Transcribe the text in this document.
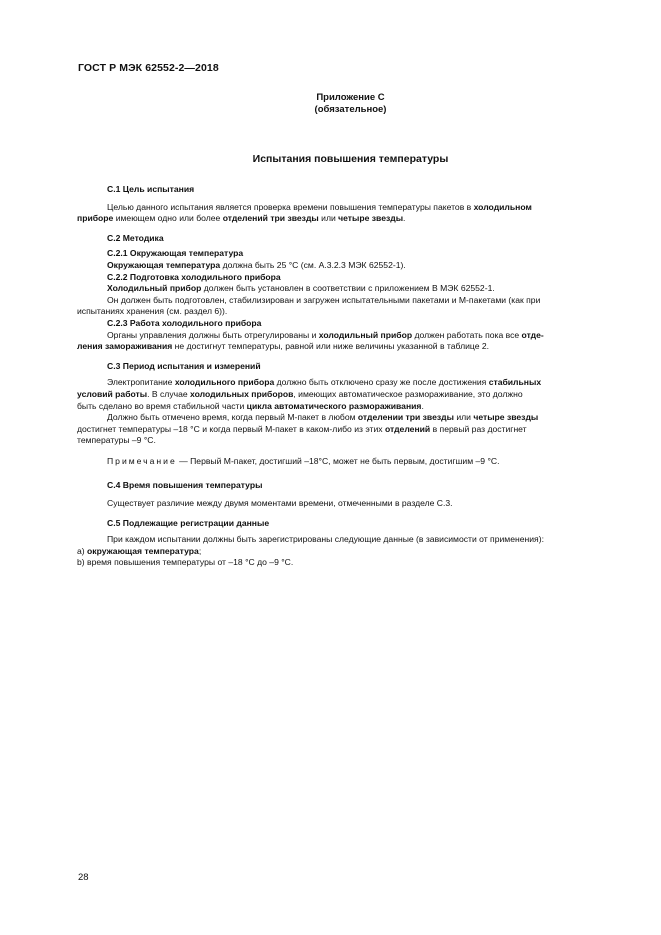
ГОСТ Р МЭК 62552-2—2018
Приложение С
(обязательное)
Испытания повышения температуры

С.1 Цель испытания

Целью данного испытания является проверка времени повышения температуры пакетов в холодильном
приборе имеющем одно или более отделений три звезды или четыре звезды.

С.2 Методика

С.2.1 Окружающая температура

Окружающая температура должна быть 25 °С (см. А.3.2.3 МЭК 62552-1).

С.2.2 Подготовка холодильного прибора

Холодильный прибор должен быть установлен в соответствии с приложением В МЭК 62552-1.

Он должен быть подготовлен, стабилизирован и загружен испытательными пакетами и М-пакетами (как при
испытаниях хранения (см. раздел 6)).

С.2.3 Работа холодильного прибора

Органы управления должны быть отрегулированы и холодильный прибор должен работать пока все отде-
ления замораживания не достигнут температуры, равной или ниже величины указанной в таблице 2.

С.3 Период испытания и измерений

Электропитание холодильного прибора должно быть отключено сразу же после достижения стабильных
условий работы. В случае холодильных приборов, имеющих автоматическое размораживание, это должно
быть сделано во время стабильной части цикла автоматического размораживания.

Должно быть отмечено время, когда первый М-пакет в любом отделении три звезды или четыре звезды
достигнет температуры –18 °С и когда первый М-пакет в каком-либо из этих отделений в первый раз достигнет
температуры –9 °С.

Примечание — Первый М-пакет, достигший –18°С, может не быть первым, достигшим –9 °С.

С.4 Время повышения температуры

Существует различие между двумя моментами времени, отмеченными в разделе С.3.

С.5 Подлежащие регистрации данные

При каждом испытании должны быть зарегистрированы следующие данные (в зависимости от применения):

a) окружающая температура;

b) время повышения температуры от –18 °С до –9 °С.

28
